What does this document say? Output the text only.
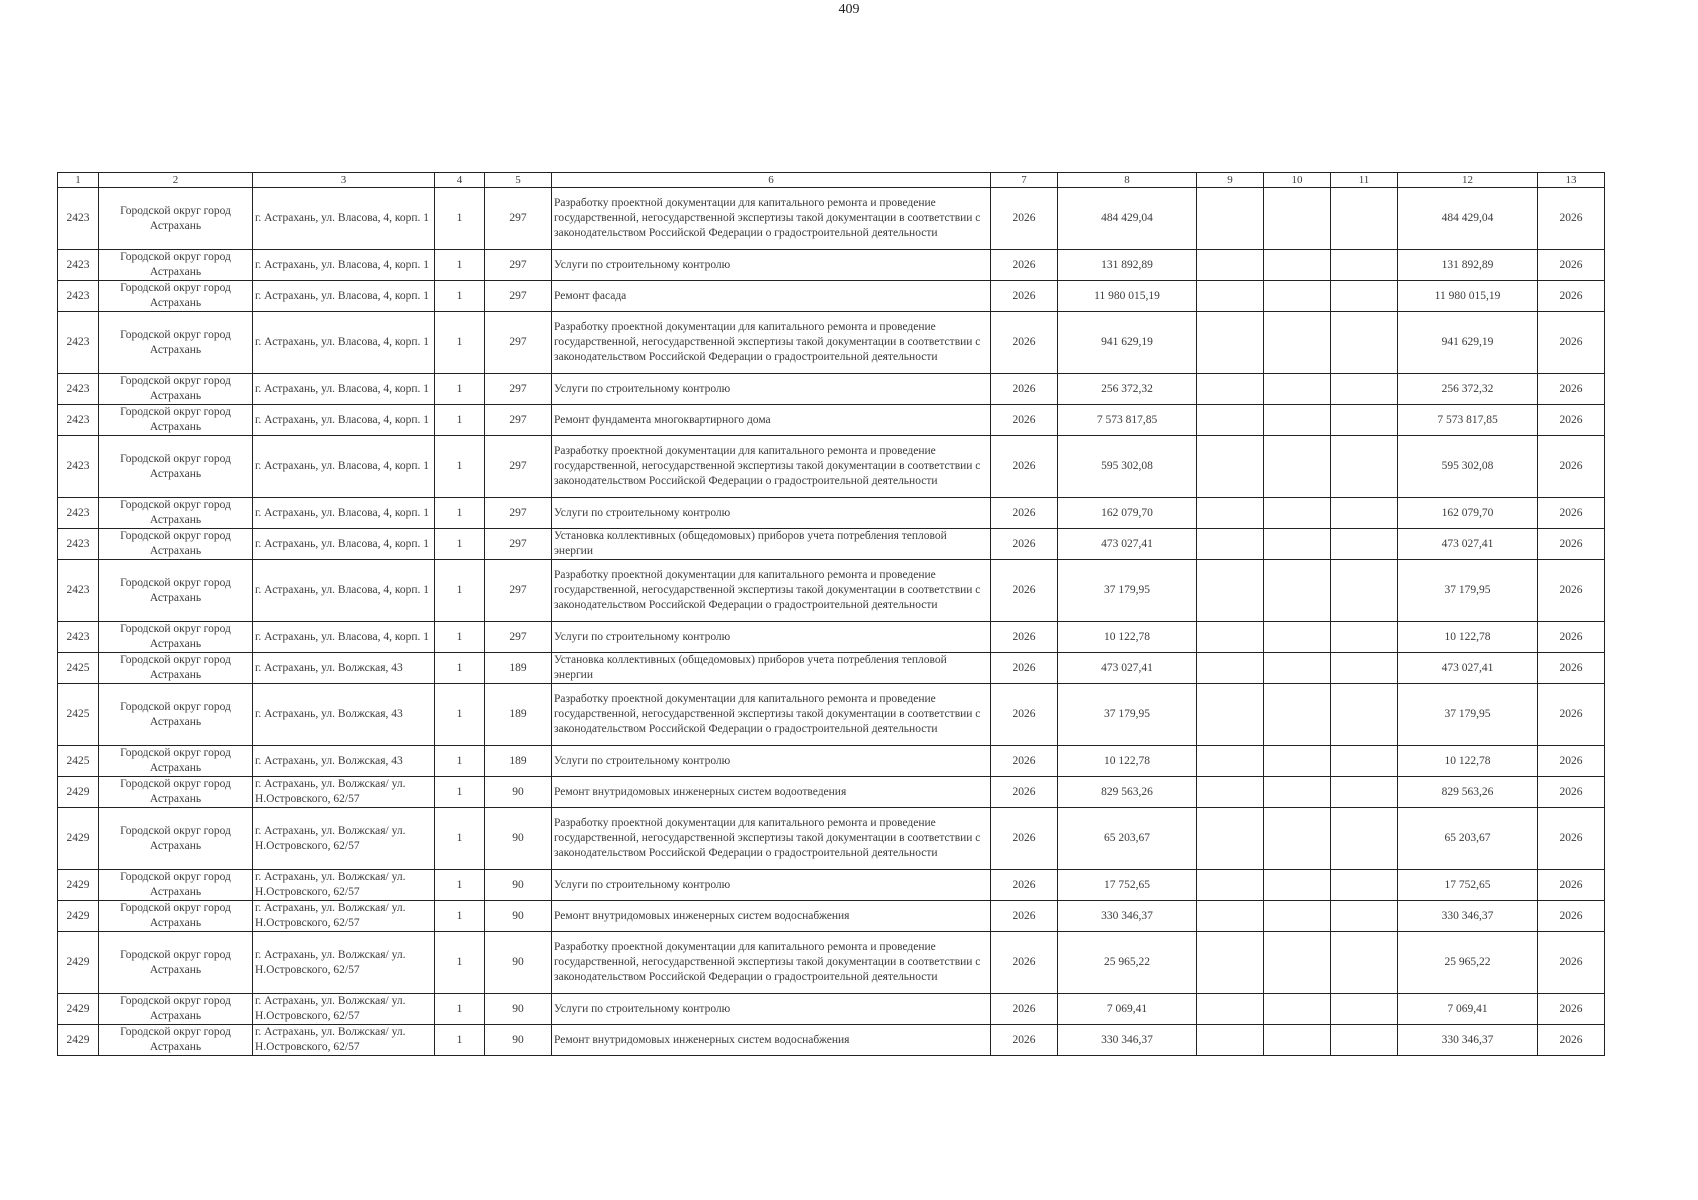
409
1	2	3	4	5	6	7	8	9	10	11	12	13
2423	Городской округ город Астрахань	г. Астрахань, ул. Власова, 4, корп. 1	1	297	Разработку проектной документации для капитального ремонта и проведение государственной, негосударственной экспертизы такой документации в соответствии с законодательством Российской Федерации о градостроительной деятельности	2026	484 429,04				484 429,04	2026
2423	Городской округ город Астрахань	г. Астрахань, ул. Власова, 4, корп. 1	1	297	Услуги по строительному контролю	2026	131 892,89				131 892,89	2026
2423	Городской округ город Астрахань	г. Астрахань, ул. Власова, 4, корп. 1	1	297	Ремонт фасада	2026	11 980 015,19				11 980 015,19	2026
2423	Городской округ город Астрахань	г. Астрахань, ул. Власова, 4, корп. 1	1	297	Разработку проектной документации для капитального ремонта и проведение государственной, негосударственной экспертизы такой документации в соответствии с законодательством Российской Федерации о градостроительной деятельности	2026	941 629,19				941 629,19	2026
2423	Городской округ город Астрахань	г. Астрахань, ул. Власова, 4, корп. 1	1	297	Услуги по строительному контролю	2026	256 372,32				256 372,32	2026
2423	Городской округ город Астрахань	г. Астрахань, ул. Власова, 4, корп. 1	1	297	Ремонт фундамента многоквартирного дома	2026	7 573 817,85				7 573 817,85	2026
2423	Городской округ город Астрахань	г. Астрахань, ул. Власова, 4, корп. 1	1	297	Разработку проектной документации для капитального ремонта и проведение государственной, негосударственной экспертизы такой документации в соответствии с законодательством Российской Федерации о градостроительной деятельности	2026	595 302,08				595 302,08	2026
2423	Городской округ город Астрахань	г. Астрахань, ул. Власова, 4, корп. 1	1	297	Услуги по строительному контролю	2026	162 079,70				162 079,70	2026
2423	Городской округ город Астрахань	г. Астрахань, ул. Власова, 4, корп. 1	1	297	Установка коллективных (общедомовых) приборов учета потребления тепловой энергии	2026	473 027,41				473 027,41	2026
2423	Городской округ город Астрахань	г. Астрахань, ул. Власова, 4, корп. 1	1	297	Разработку проектной документации для капитального ремонта и проведение государственной, негосударственной экспертизы такой документации в соответствии с законодательством Российской Федерации о градостроительной деятельности	2026	37 179,95				37 179,95	2026
2423	Городской округ город Астрахань	г. Астрахань, ул. Власова, 4, корп. 1	1	297	Услуги по строительному контролю	2026	10 122,78				10 122,78	2026
2425	Городской округ город Астрахань	г. Астрахань, ул. Волжская, 43	1	189	Установка коллективных (общедомовых) приборов учета потребления тепловой энергии	2026	473 027,41				473 027,41	2026
2425	Городской округ город Астрахань	г. Астрахань, ул. Волжская, 43	1	189	Разработку проектной документации для капитального ремонта и проведение государственной, негосударственной экспертизы такой документации в соответствии с законодательством Российской Федерации о градостроительной деятельности	2026	37 179,95				37 179,95	2026
2425	Городской округ город Астрахань	г. Астрахань, ул. Волжская, 43	1	189	Услуги по строительному контролю	2026	10 122,78				10 122,78	2026
2429	Городской округ город Астрахань	г. Астрахань, ул. Волжская/ ул. Н.Островского, 62/57	1	90	Ремонт внутридомовых инженерных систем водоотведения	2026	829 563,26				829 563,26	2026
2429	Городской округ город Астрахань	г. Астрахань, ул. Волжская/ ул. Н.Островского, 62/57	1	90	Разработку проектной документации для капитального ремонта и проведение государственной, негосударственной экспертизы такой документации в соответствии с законодательством Российской Федерации о градостроительной деятельности	2026	65 203,67				65 203,67	2026
2429	Городской округ город Астрахань	г. Астрахань, ул. Волжская/ ул. Н.Островского, 62/57	1	90	Услуги по строительному контролю	2026	17 752,65				17 752,65	2026
2429	Городской округ город Астрахань	г. Астрахань, ул. Волжская/ ул. Н.Островского, 62/57	1	90	Ремонт внутридомовых инженерных систем водоснабжения	2026	330 346,37				330 346,37	2026
2429	Городской округ город Астрахань	г. Астрахань, ул. Волжская/ ул. Н.Островского, 62/57	1	90	Разработку проектной документации для капитального ремонта и проведение государственной, негосударственной экспертизы такой документации в соответствии с законодательством Российской Федерации о градостроительной деятельности	2026	25 965,22				25 965,22	2026
2429	Городской округ город Астрахань	г. Астрахань, ул. Волжская/ ул. Н.Островского, 62/57	1	90	Услуги по строительному контролю	2026	7 069,41				7 069,41	2026
2429	Городской округ город Астрахань	г. Астрахань, ул. Волжская/ ул. Н.Островского, 62/57	1	90	Ремонт внутридомовых инженерных систем водоснабжения	2026	330 346,37				330 346,37	2026
